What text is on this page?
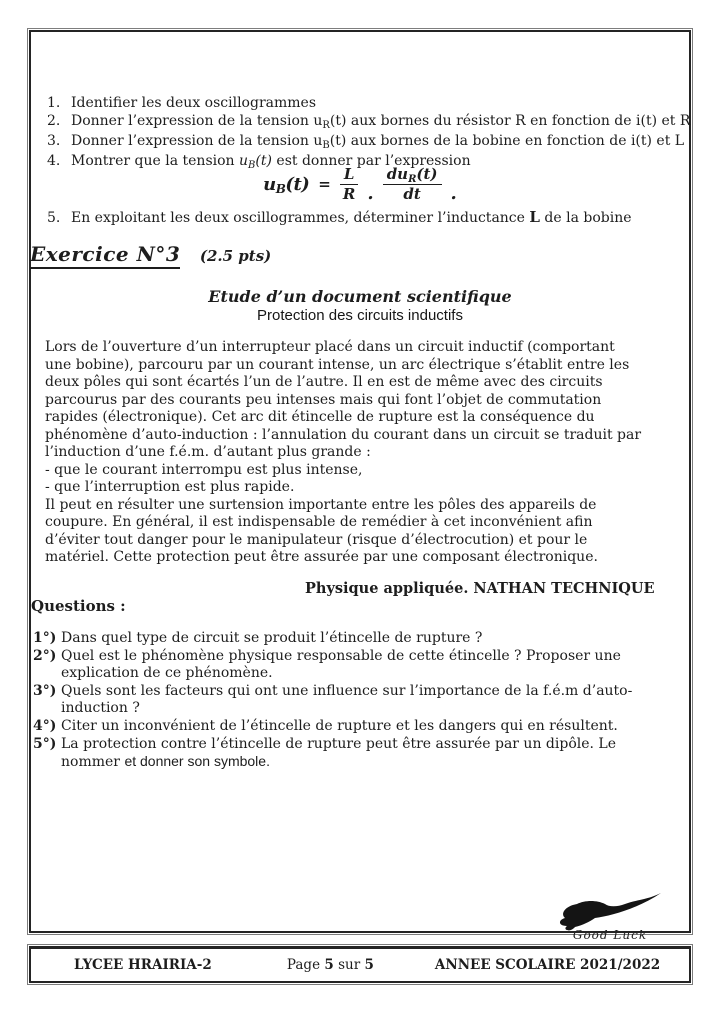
1. Identifier les deux oscillogrammes
2. Donner l’expression de la tension $u_R(t)$ aux bornes du résistor R en fonction de i(t) et R
3. Donner l’expression de la tension $u_B(t)$ aux bornes de la bobine en fonction de i(t) et L
4. Montrer que la tension $u_B(t)$ est donner par l’expression
$uB(t) = \frac{L}{R}$ . $\frac{du_R(t)}{dt}$ .
5. En exploitant les deux oscillogrammes, déterminer l’inductance L de la bobine
Exercice N°3 (2.5 pts)
Etude d’un document scientifique
Protection des circuits inductifs

Lors de l’ouverture d’un interrupteur placé dans un circuit inductif (comportant une bobine), parcouru par un courant intense, un arc électrique s’établit entre les deux pôles qui sont écartés l’un de l’autre. Il en est de même avec des circuits parcourus par des courants peu intenses mais qui font l’objet de commutation rapides (électronique). Cet arc dit étincelle de rupture est la conséquence du phénomène d’auto-induction : l’annulation du courant dans un circuit se traduit par l’induction d’une f.é.m. d’autant plus grande :

- que le courant interrompu est plus intense,
- que l’interruption est plus rapide.

Il peut en résulter une surtension importante entre les pôles des appareils de coupure. En général, il est indispensable de remédier à cet inconvénient afin d’éviter tout danger pour le manipulateur (risque d’électrocution) et pour le matériel. Cette protection peut être assurée par une composant électronique.

Physique appliquée. NATHAN TECHNIQUE
Questions :
1°) Dans quel type de circuit se produit l’étincelle de rupture ?
2°) Quel est le phénomène physique responsable de cette étincelle ? Proposer une explication de ce phénomène.
3°) Quels sont les facteurs qui ont une influence sur l’importance de la f.é.m d’auto-induction ?
4°) Citer un inconvénient de l’étincelle de rupture et les dangers qui en résultent.
5°) La protection contre l’étincelle de rupture peut être assurée par un dipôle. Le nommer et donner son symbole.
Good Luck
LYCEE HRAIRIA-2	Page 5 sur 5	ANNEE SCOLAIRE 2021/2022
